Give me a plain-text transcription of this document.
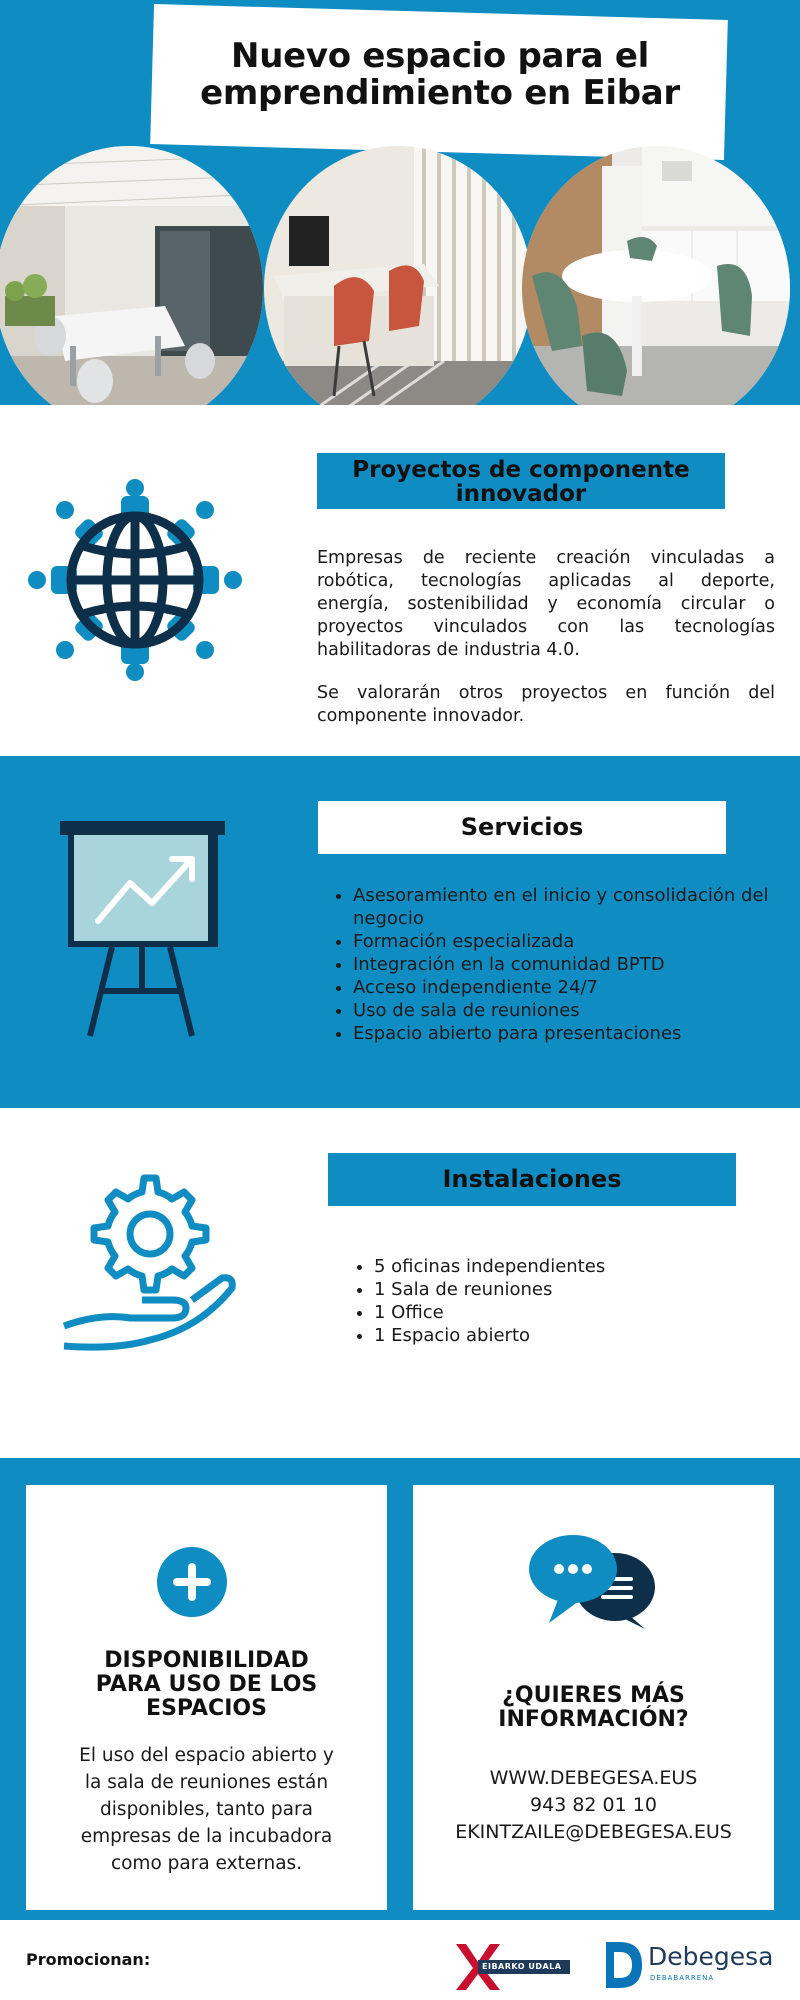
Nuevo espacio para el
emprendimiento en Eibar
Proyectos de componente
innovador
Empresas de reciente creación vinculadas a
robótica, tecnologías aplicadas al deporte,
energía, sostenibilidad y economía circular o
proyectos vinculados con las tecnologías
habilitadoras de industria 4.0.
Se valorarán otros proyectos en función del
componente innovador.
Servicios
• Asesoramiento en el inicio y consolidación del negocio
• Formación especializada
• Integración en la comunidad BPTD
• Acceso independiente 24/7
• Uso de sala de reuniones
• Espacio abierto para presentaciones
Instalaciones
• 5 oficinas independientes
• 1 Sala de reuniones
• 1 Office
• 1 Espacio abierto
DISPONIBILIDAD
PARA USO DE LOS
ESPACIOS
El uso del espacio abierto y
la sala de reuniones están
disponibles, tanto para
empresas de la incubadora
como para externas.
¿QUIERES MÁS
INFORMACIÓN?
WWW.DEBEGESA.EUS
943 82 01 10
EKINTZAILE@DEBEGESA.EUS
Promocionan:	EIBARKO UDALA	Debegesa
DEBABARRENA
